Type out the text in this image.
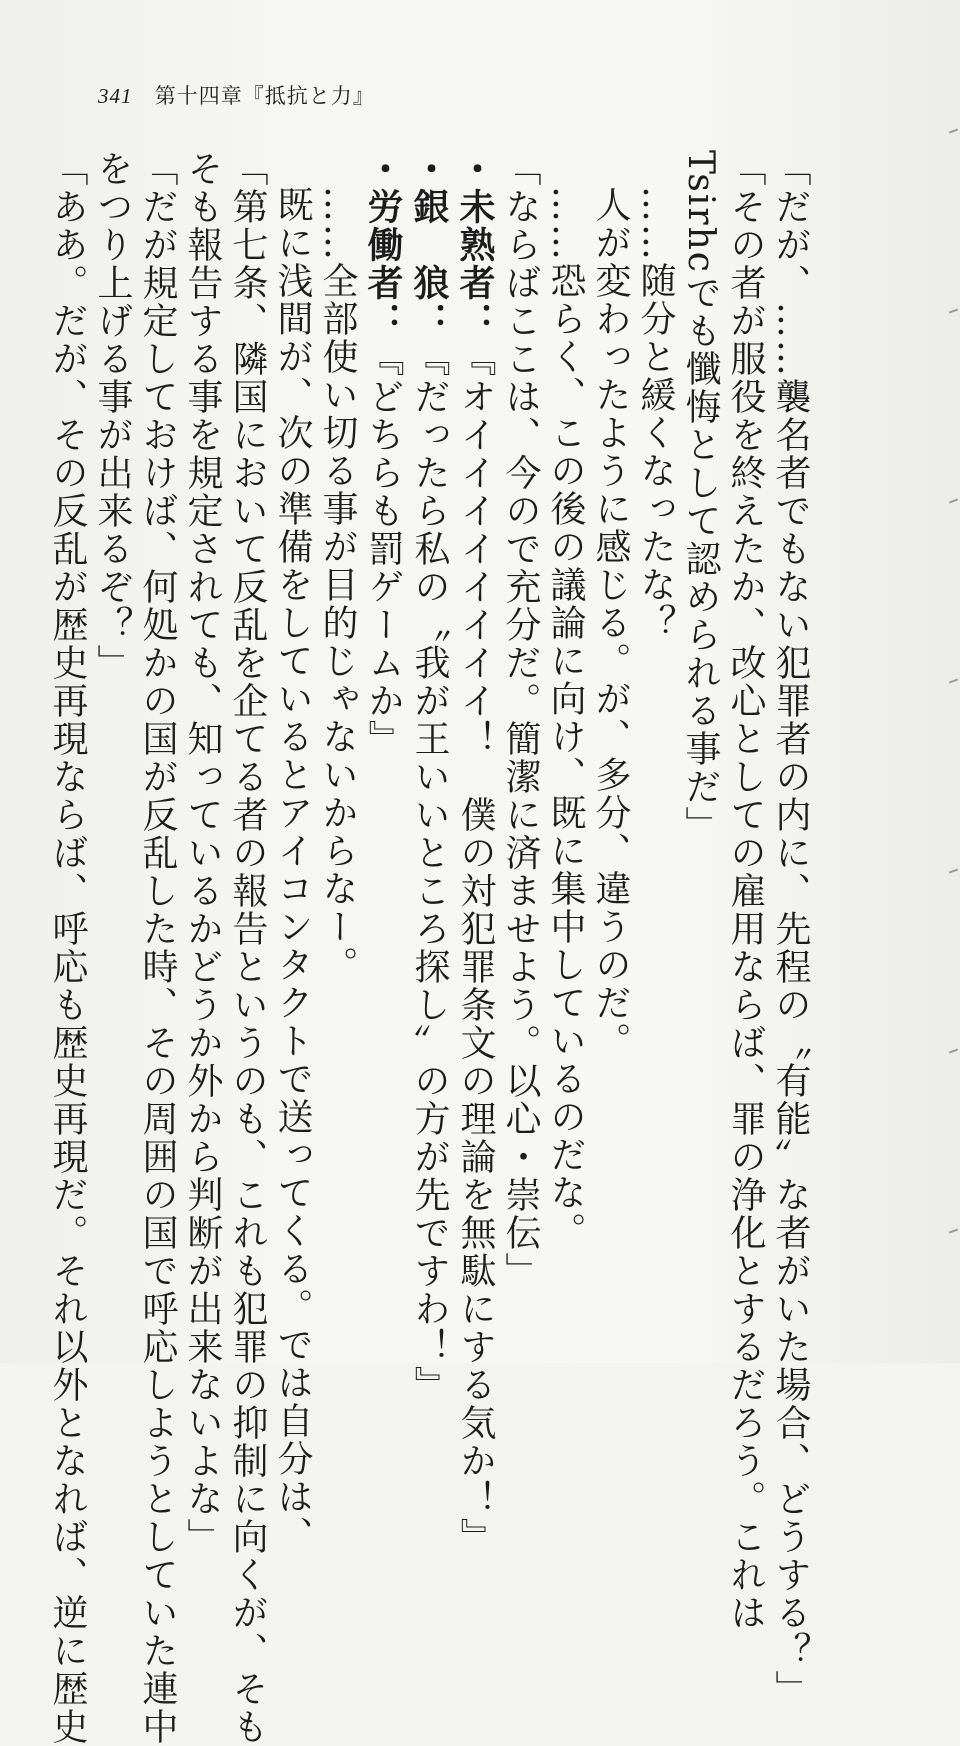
341 第十四章『抵抗と力』
「だが、……襲名者でもない犯罪者の内に、先程の〝有能〟な者がいた場合、どうする？」
「その者が服役を終えたか、改心としての雇用ならば、罪の浄化とするだろう。これは
Tsirhcでも懺悔として認められる事だ」
……随分と緩くなったな？
人が変わったように感じる。が、多分、違うのだ。
……恐らく、この後の議論に向け、既に集中しているのだな。
「ならばここは、今ので充分だ。簡潔に済ませよう。以心・崇伝」
・未熟者：『オイイイイイイイイ！　僕の対犯罪条文の理論を無駄にする気か！』
・銀　狼：『だったら私の〝我が王いいところ探し〟の方が先ですわ！』
・労働者：『どちらも罰ゲームか』
……全部使い切る事が目的じゃないからなー。
既に浅間が、次の準備をしているとアイコンタクトで送ってくる。では自分は、
「第七条、隣国において反乱を企てる者の報告というのも、これも犯罪の抑制に向くが、そも
そも報告する事を規定されても、知っているかどうか外から判断が出来ないよな」
「だが規定しておけば、何処かの国が反乱した時、その周囲の国で呼応しようとしていた連中
をつり上げる事が出来るぞ？」
「ああ。だが、その反乱が歴史再現ならば、呼応も歴史再現だ。それ以外となれば、逆に歴史
